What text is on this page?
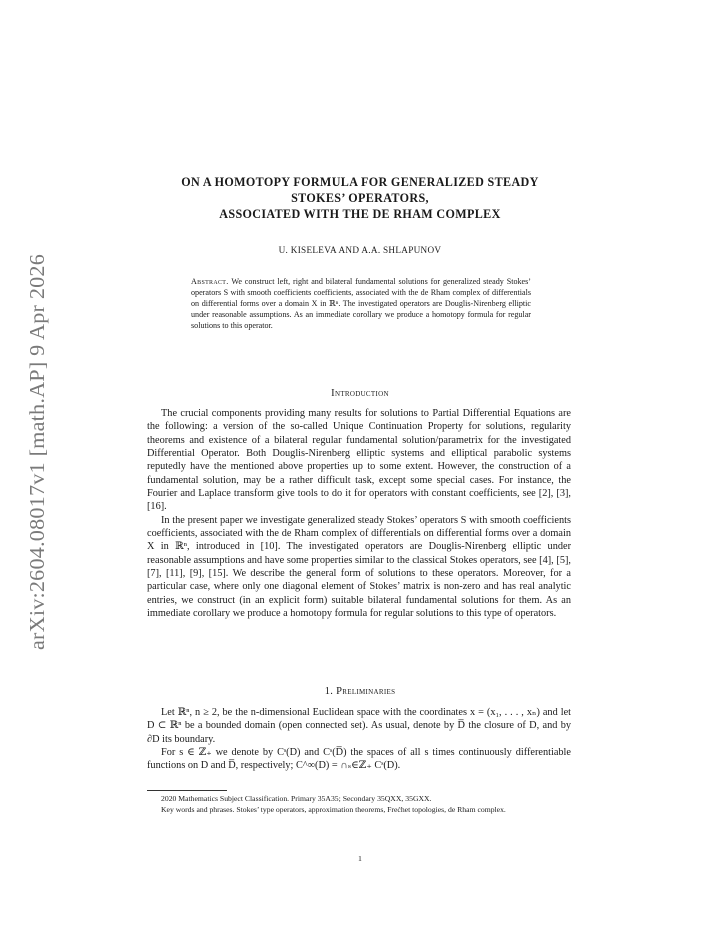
arXiv:2604.08017v1 [math.AP] 9 Apr 2026
ON A HOMOTOPY FORMULA FOR GENERALIZED STEADY
STOKES’ OPERATORS,
ASSOCIATED WITH THE DE RHAM COMPLEX
U. KISELEVA AND A.A. SHLAPUNOV
Abstract. We construct left, right and bilateral fundamental solutions for generalized steady Stokes’ operators S with smooth coefficients coefficients, associated with the de Rham complex of differentials on differential forms over a domain X in ℝⁿ. The investigated operators are Douglis-Nirenberg elliptic under reasonable assumptions. As an immediate corollary we produce a homotopy formula for regular solutions to this operator.
Introduction

The crucial components providing many results for solutions to Partial Differential Equations are the following: a version of the so-called Unique Continuation Property for solutions, regularity theorems and existence of a bilateral regular fundamental solution/parametrix for the investigated Differential Operator. Both Douglis-Nirenberg elliptic systems and elliptical parabolic systems reputedly have the mentioned above properties up to some extent. However, the construction of a fundamental solution, may be a rather difficult task, except some special cases. For instance, the Fourier and Laplace transform give tools to do it for operators with constant coefficients, see [2], [3], [16].

In the present paper we investigate generalized steady Stokes’ operators S with smooth coefficients coefficients, associated with the de Rham complex of differentials on differential forms over a domain X in ℝⁿ, introduced in [10]. The investigated operators are Douglis-Nirenberg elliptic under reasonable assumptions and have some properties similar to the classical Stokes operators, see [4], [5], [7], [11], [9], [15]. We describe the general form of solutions to these operators. Moreover, for a particular case, where only one diagonal element of Stokes’ matrix is non-zero and has real analytic entries, we construct (in an explicit form) suitable bilateral fundamental solutions for them. As an immediate corollary we produce a homotopy formula for regular solutions to this type of operators.

1. Preliminaries

Let ℝⁿ, n ≥ 2, be the n-dimensional Euclidean space with the coordinates x = (x₁, . . . , xₙ) and let D ⊂ ℝⁿ be a bounded domain (open connected set). As usual, denote by D̅ the closure of D, and by ∂D its boundary.

For s ∈ ℤ₊ we denote by Cˢ(D) and Cˢ(D̅) the spaces of all s times continuously differentiable functions on D and D̅, respectively; C^∞(D) = ∩ₛ∈ℤ₊ Cˢ(D).

2020 Mathematics Subject Classification. Primary 35A35; Secondary 35QXX, 35GXX.

Key words and phrases. Stokes’ type operators, approximation theorems, Frećhet topologies, de Rham complex.

1
